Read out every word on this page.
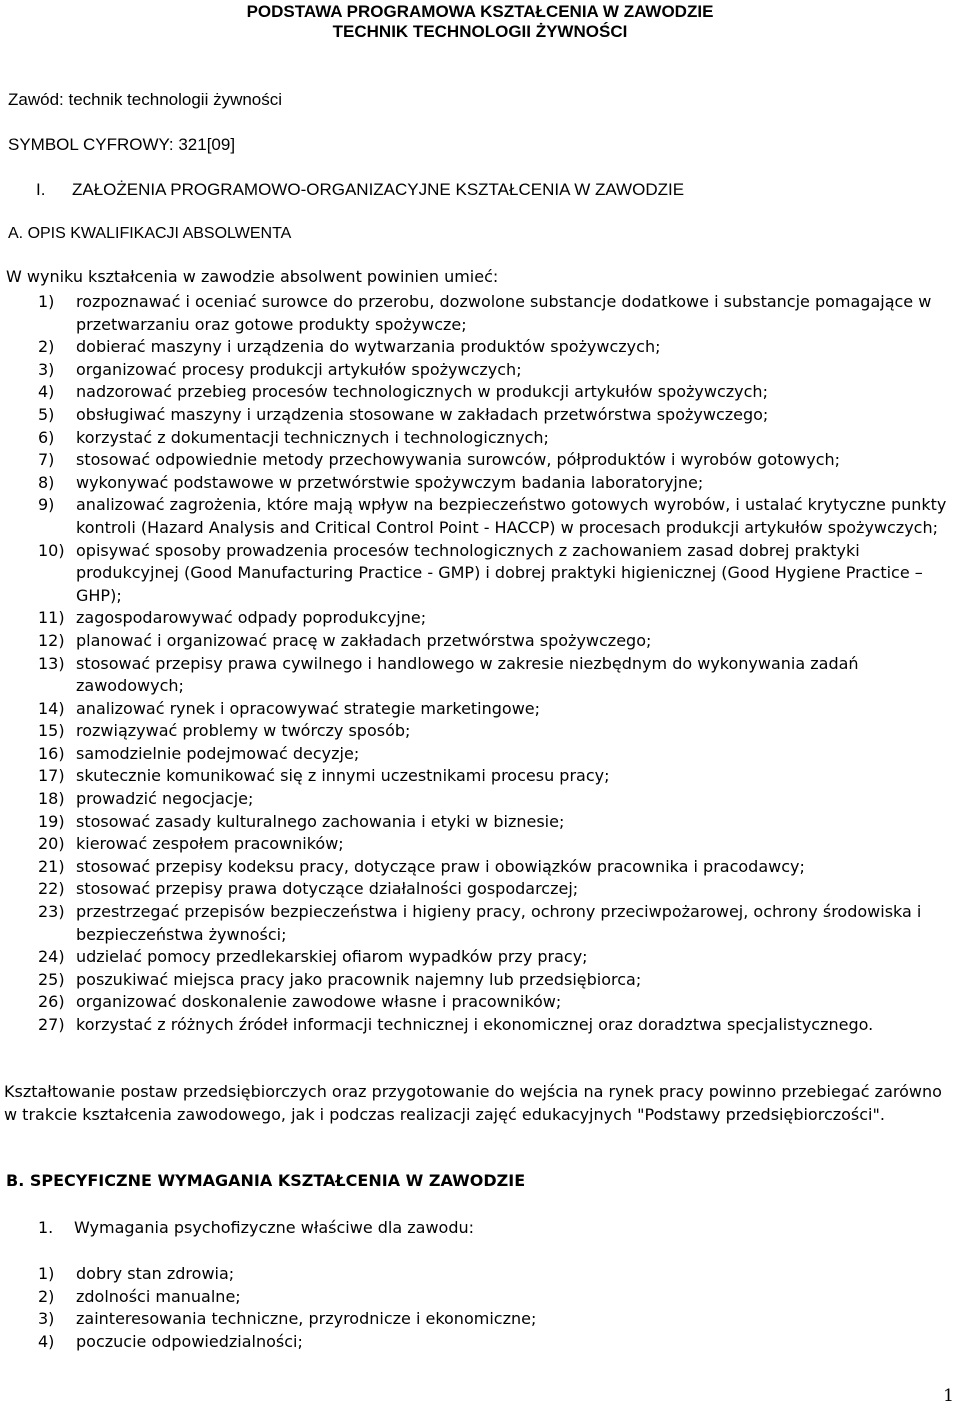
PODSTAWA PROGRAMOWA KSZTAŁCENIA W ZAWODZIE
TECHNIK TECHNOLOGII ŻYWNOŚCI
Zawód: technik technologii żywności
SYMBOL CYFROWY: 321[09]
I. ZAŁOŻENIA PROGRAMOWO-ORGANIZACYJNE KSZTAŁCENIA W ZAWODZIE
A. OPIS KWALIFIKACJI ABSOLWENTA
W wyniku kształcenia w zawodzie absolwent powinien umieć:
1) rozpoznawać i oceniać surowce do przerobu, dozwolone substancje dodatkowe i substancje pomagające w przetwarzaniu oraz gotowe produkty spożywcze;
2) dobierać maszyny i urządzenia do wytwarzania produktów spożywczych;
3) organizować procesy produkcji artykułów spożywczych;
4) nadzorować przebieg procesów technologicznych w produkcji artykułów spożywczych;
5) obsługiwać maszyny i urządzenia stosowane w zakładach przetwórstwa spożywczego;
6) korzystać z dokumentacji technicznych i technologicznych;
7) stosować odpowiednie metody przechowywania surowców, półproduktów i wyrobów gotowych;
8) wykonywać podstawowe w przetwórstwie spożywczym badania laboratoryjne;
9) analizować zagrożenia, które mają wpływ na bezpieczeństwo gotowych wyrobów, i ustalać krytyczne punkty kontroli (Hazard Analysis and Critical Control Point - HACCP) w procesach produkcji artykułów spożywczych;
10) opisywać sposoby prowadzenia procesów technologicznych z zachowaniem zasad dobrej praktyki produkcyjnej (Good Manufacturing Practice - GMP) i dobrej praktyki higienicznej (Good Hygiene Practice – GHP);
11) zagospodarowywać odpady poprodukcyjne;
12) planować i organizować pracę w zakładach przetwórstwa spożywczego;
13) stosować przepisy prawa cywilnego i handlowego w zakresie niezbędnym do wykonywania zadań zawodowych;
14) analizować rynek i opracowywać strategie marketingowe;
15) rozwiązywać problemy w twórczy sposób;
16) samodzielnie podejmować decyzje;
17) skutecznie komunikować się z innymi uczestnikami procesu pracy;
18) prowadzić negocjacje;
19) stosować zasady kulturalnego zachowania i etyki w biznesie;
20) kierować zespołem pracowników;
21) stosować przepisy kodeksu pracy, dotyczące praw i obowiązków pracownika i pracodawcy;
22) stosować przepisy prawa dotyczące działalności gospodarczej;
23) przestrzegać przepisów bezpieczeństwa i higieny pracy, ochrony przeciwpożarowej, ochrony środowiska i bezpieczeństwa żywności;
24) udzielać pomocy przedlekarskiej ofiarom wypadków przy pracy;
25) poszukiwać miejsca pracy jako pracownik najemny lub przedsiębiorca;
26) organizować doskonalenie zawodowe własne i pracowników;
27) korzystać z różnych źródeł informacji technicznej i ekonomicznej oraz doradztwa specjalistycznego.
Kształtowanie postaw przedsiębiorczych oraz przygotowanie do wejścia na rynek pracy powinno przebiegać zarówno w trakcie kształcenia zawodowego, jak i podczas realizacji zajęć edukacyjnych "Podstawy przedsiębiorczości".
B. SPECYFICZNE WYMAGANIA KSZTAŁCENIA W ZAWODZIE
1. Wymagania psychofizyczne właściwe dla zawodu:
1) dobry stan zdrowia;
2) zdolności manualne;
3) zainteresowania techniczne, przyrodnicze i ekonomiczne;
4) poczucie odpowiedzialności;
1
